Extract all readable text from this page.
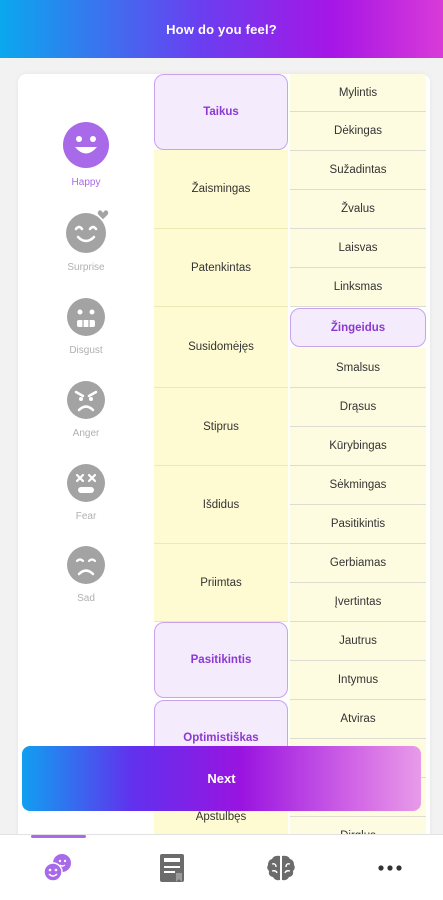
How do you feel?
Happy
Surprise
Disgust
Anger
Fear
Sad
Taikus
Žaismingas
Patenkintas
Susidomėjęs
Stiprus
Išdidus
Priimtas
Pasitikintis
Optimistiškas
Apstulbęs
Mylintis
Dėkingas
Sužadintas
Žvalus
Laisvas
Linksmas
Žingeidus
Smalsus
Drąsus
Kūrybingas
Sėkmingas
Pasitikintis
Gerbiamas
Įvertintas
Jautrus
Intymus
Atviras
Next
